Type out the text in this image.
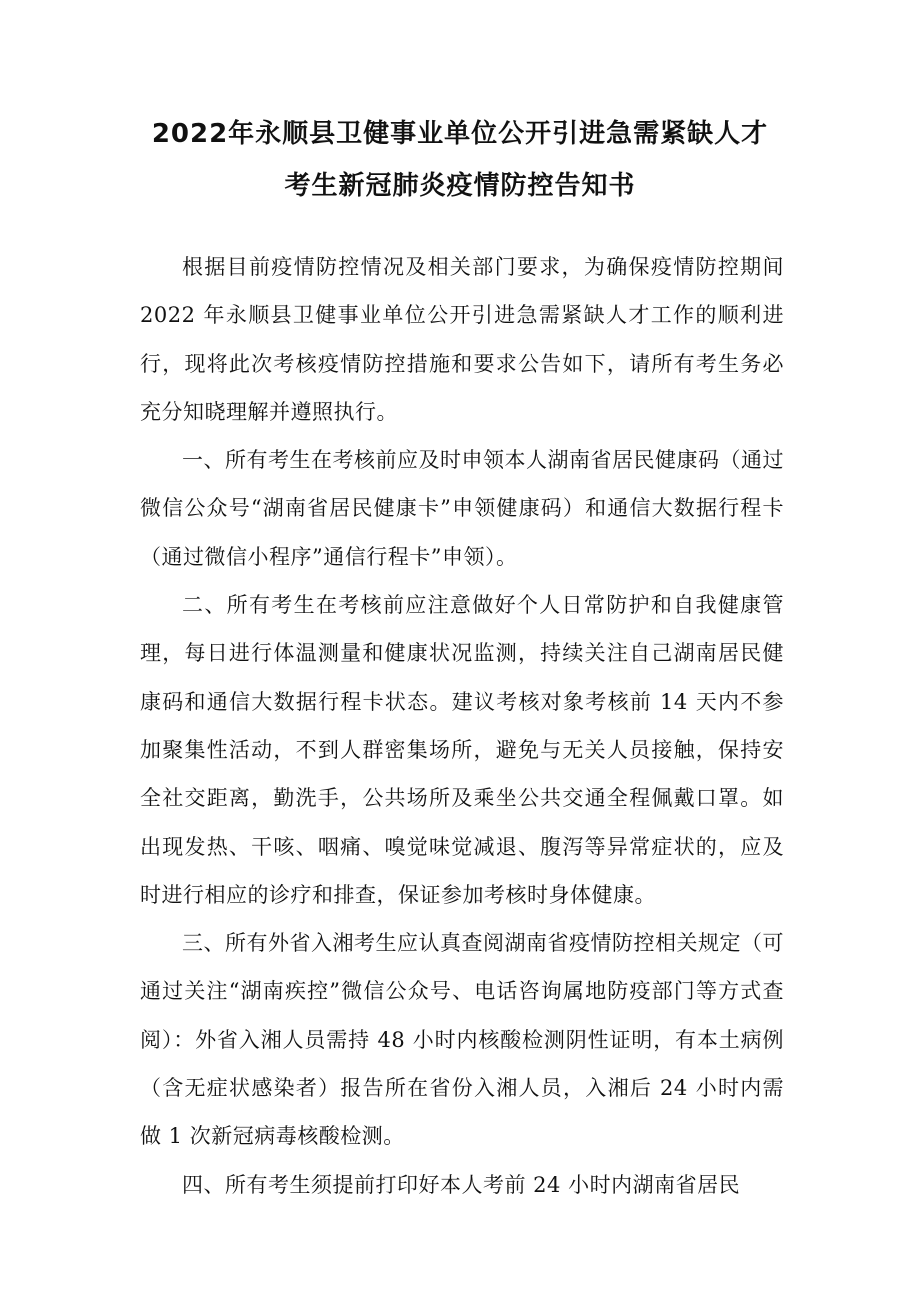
2022年永顺县卫健事业单位公开引进急需紧缺人才
考生新冠肺炎疫情防控告知书

根据目前疫情防控情况及相关部门要求，为确保疫情防控期间 2022 年永顺县卫健事业单位公开引进急需紧缺人才工作的顺利进行，现将此次考核疫情防控措施和要求公告如下，请所有考生务必充分知晓理解并遵照执行。

一、所有考生在考核前应及时申领本人湖南省居民健康码（通过微信公众号“湖南省居民健康卡”申领健康码）和通信大数据行程卡（通过微信小程序”通信行程卡”申领）。

二、所有考生在考核前应注意做好个人日常防护和自我健康管理，每日进行体温测量和健康状况监测，持续关注自己湖南居民健康码和通信大数据行程卡状态。建议考核对象考核前 14 天内不参加聚集性活动，不到人群密集场所，避免与无关人员接触，保持安全社交距离，勤洗手，公共场所及乘坐公共交通全程佩戴口罩。如出现发热、干咳、咽痛、嗅觉味觉减退、腹泻等异常症状的，应及时进行相应的诊疗和排查，保证参加考核时身体健康。

三、所有外省入湘考生应认真查阅湖南省疫情防控相关规定（可通过关注“湖南疾控”微信公众号、电话咨询属地防疫部门等方式查阅）：外省入湘人员需持 48 小时内核酸检测阴性证明，有本土病例（含无症状感染者）报告所在省份入湘人员，入湘后 24 小时内需做 1 次新冠病毒核酸检测。

四、所有考生须提前打印好本人考前 24 小时内湖南省居民
